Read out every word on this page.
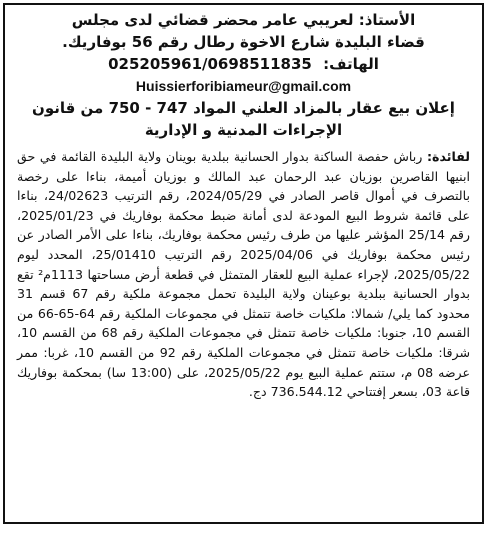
الأستاذ: لعريبي عامر محضر قضائي لدى مجلس
قضاء البليدة شارع الاخوة رطال رقم 56 بوفاريك.
الهاتف: 025205961/0698511835
Huissierforibiameur@gmail.com
إعلان بيع عقار بالمزاد العلني المواد 747 - 750 من قانون
الإجراءات المدنية و الإدارية
لفائدة: رباش حفصة الساكنة بدوار الحسانية ببلدية بوينان ولاية البليدة القائمة في حق ابنيها القاصرين بوزيان عبد الرحمان عبد المالك و بوزيان أميمة، بناءا على رخصة بالتصرف في أموال قاصر الصادر في 2024/05/29، رقم الترتيب 24/02623، بناءا على قائمة شروط البيع المودعة لدى أمانة ضبط محكمة بوفاريك في 2025/01/23، رقم 25/14 المؤشر عليها من طرف رئيس محكمة بوفاريك، بناءا على الأمر الصادر عن رئيس محكمة بوفاريك في 2025/04/06 رقم الترتيب 25/01410، المحدد ليوم 2025/05/22، لإجراء عملية البيع للعقار المتمثل في قطعة أرض مساحتها 1113م² تقع بدوار الحسانية ببلدية بوعينان ولاية البليدة تحمل مجموعة ملكية رقم 67 قسم 31 محدود كما يلي/ شمالا: ملكيات خاصة تتمثل في مجموعات الملكية رقم 64-65-66 من القسم 10، جنوبا: ملكيات خاصة تتمثل في مجموعات الملكية رقم 68 من القسم 10، شرقا: ملكيات خاصة تتمثل في مجموعات الملكية رقم 92 من القسم 10، غربا: ممر عرضه 08 م، ستتم عملية البيع يوم 2025/05/22، على (13:00 سا) بمحكمة بوفاريك قاعة 03، بسعر إفتتاحي 736.544.12 دج.
